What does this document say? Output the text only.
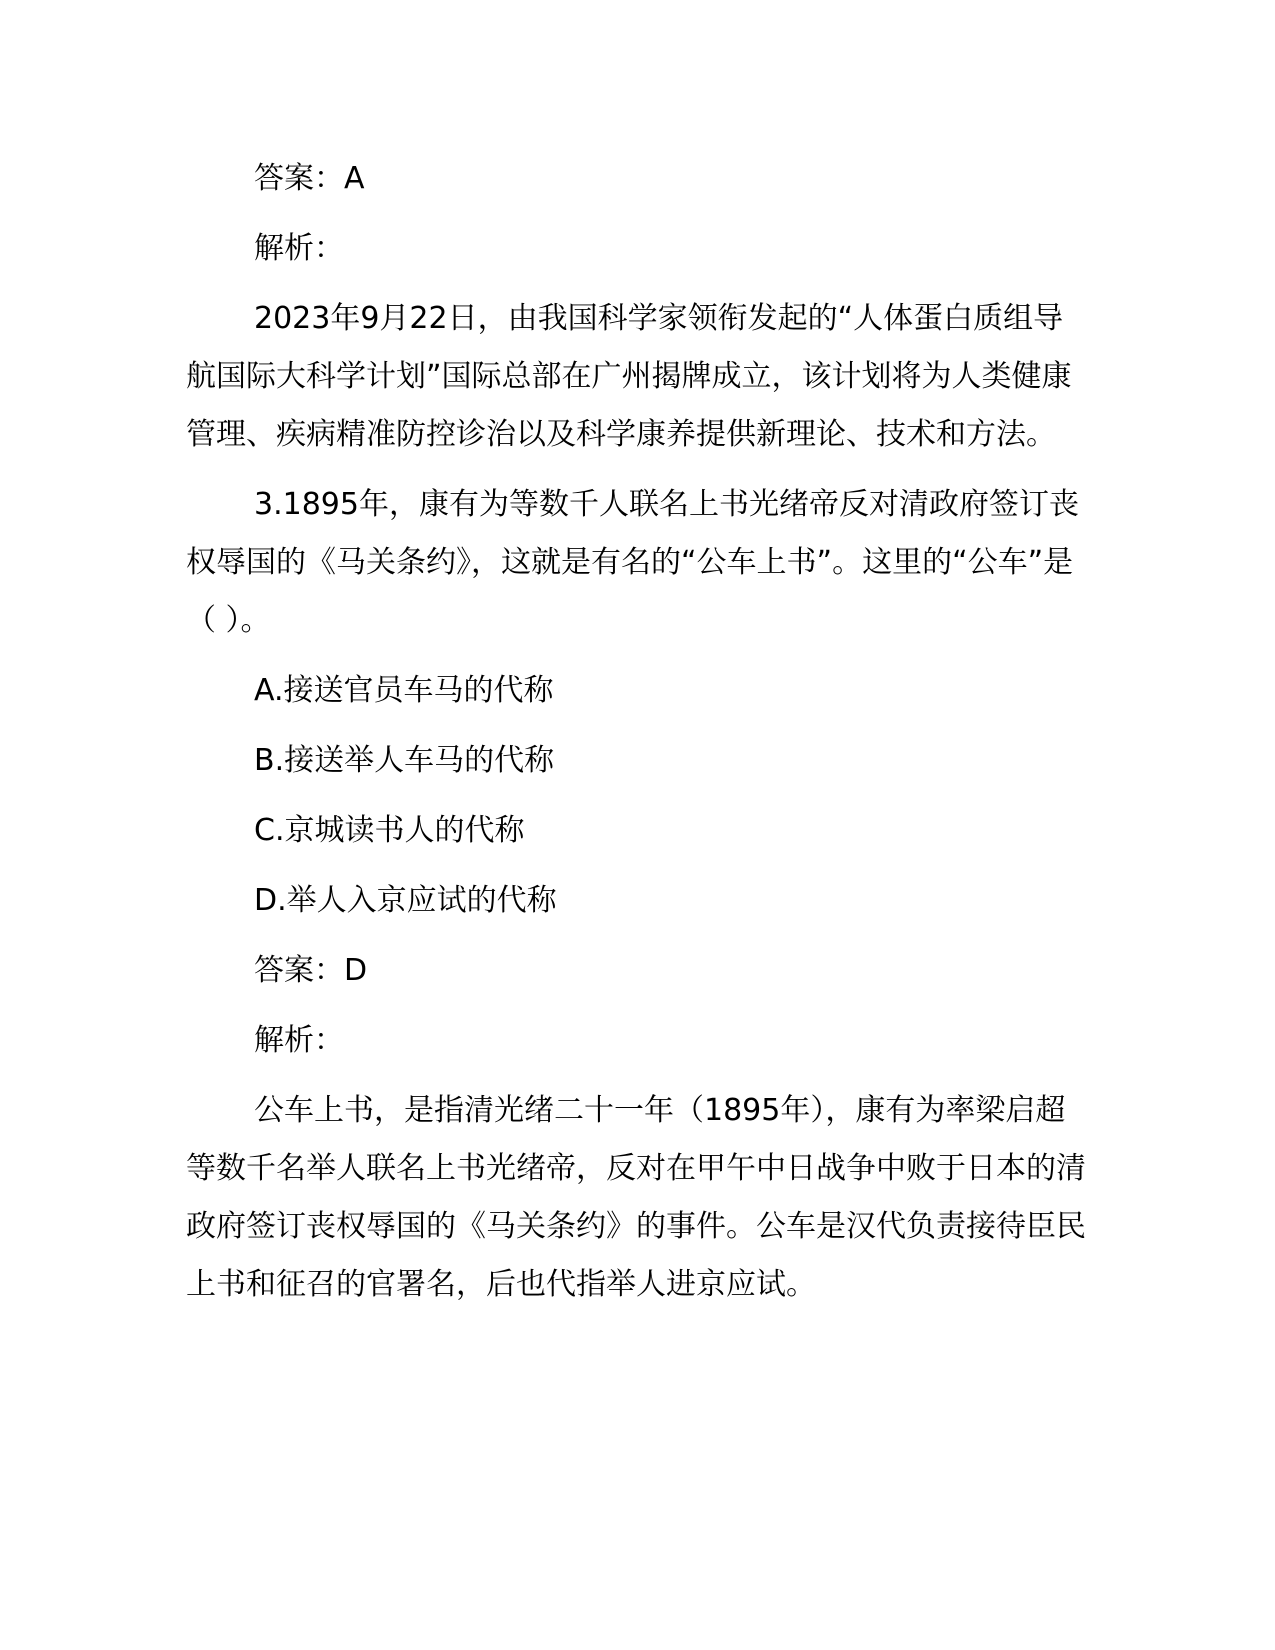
答案：A

解析：

2023年9月22日，由我国科学家领衔发起的“人体蛋白质组导航国际大科学计划”国际总部在广州揭牌成立，该计划将为人类健康管理、疾病精准防控诊治以及科学康养提供新理论、技术和方法。

3.1895年，康有为等数千人联名上书光绪帝反对清政府签订丧权辱国的《马关条约》，这就是有名的“公车上书”。这里的“公车”是（ ）。

A.接送官员车马的代称

B.接送举人车马的代称

C.京城读书人的代称

D.举人入京应试的代称

答案：D

解析：

公车上书，是指清光绪二十一年（1895年），康有为率梁启超等数千名举人联名上书光绪帝，反对在甲午中日战争中败于日本的清政府签订丧权辱国的《马关条约》的事件。公车是汉代负责接待臣民上书和征召的官署名，后也代指举人进京应试。
